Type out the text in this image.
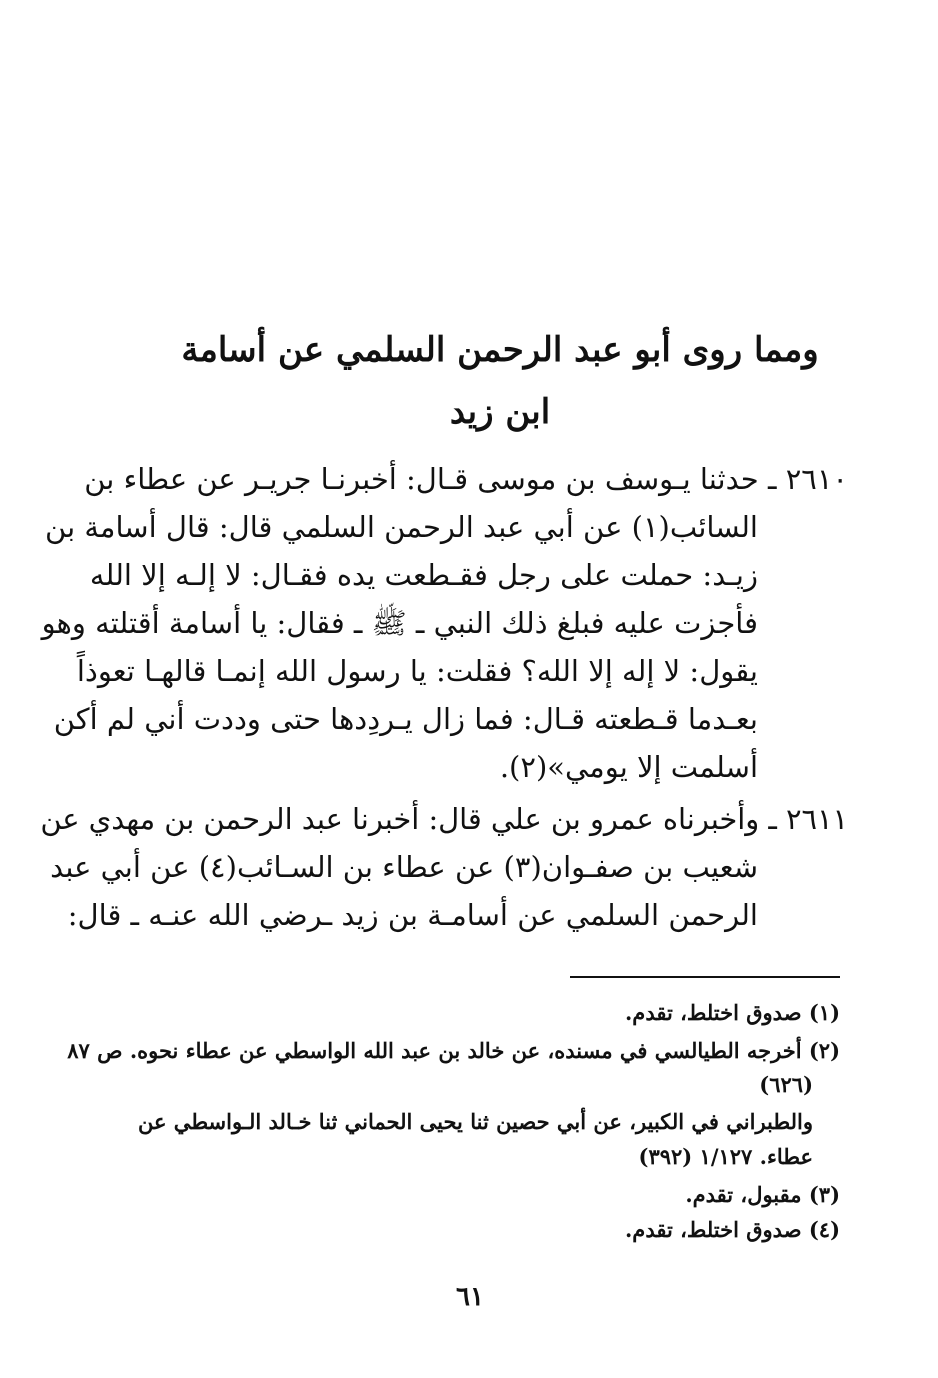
ومما روى أبو عبد الرحمن السلمي عن أسامة
ابن زيد
٢٦١٠ ـ حدثنا يـوسف بن موسى قـال: أخبرنـا جريـر عن عطاء بن
السائب(١) عن أبي عبد الرحمن السلمي قال: قال أسامة بن
زيـد: حملت على رجل فقـطعت يده فقـال: لا إلـه إلا الله
فأجزت عليه فبلغ ذلك النبي ـ ﷺ ـ فقال: يا أسامة أقتلته وهو
يقول: لا إله إلا الله؟ فقلت: يا رسول الله إنمـا قالهـا تعوذاً
بعـدما قـطعته قـال: فما زال يـردِدها حتى وددت أني لم أكن
أسلمت إلا يومي»(٢).
٢٦١١ ـ وأخبرناه عمرو بن علي قال: أخبرنا عبد الرحمن بن مهدي عن
شعيب بن صفـوان(٣) عن عطاء بن السـائب(٤) عن أبي عبد
الرحمن السلمي عن أسامـة بن زيد ـرضي الله عنـه ـ قال:
(١) صدوق اختلط، تقدم.
(٢) أخرجه الطيالسي في مسنده، عن خالد بن عبد الله الواسطي عن عطاء نحوه. ص ٨٧
(٦٢٦)
والطبراني في الكبير، عن أبي حصين ثنا يحيى الحماني ثنا خـالد الـواسطي عن
عطاء. ١/١٢٧ (٣٩٢)
(٣) مقبول، تقدم.
(٤) صدوق اختلط، تقدم.
٦١
